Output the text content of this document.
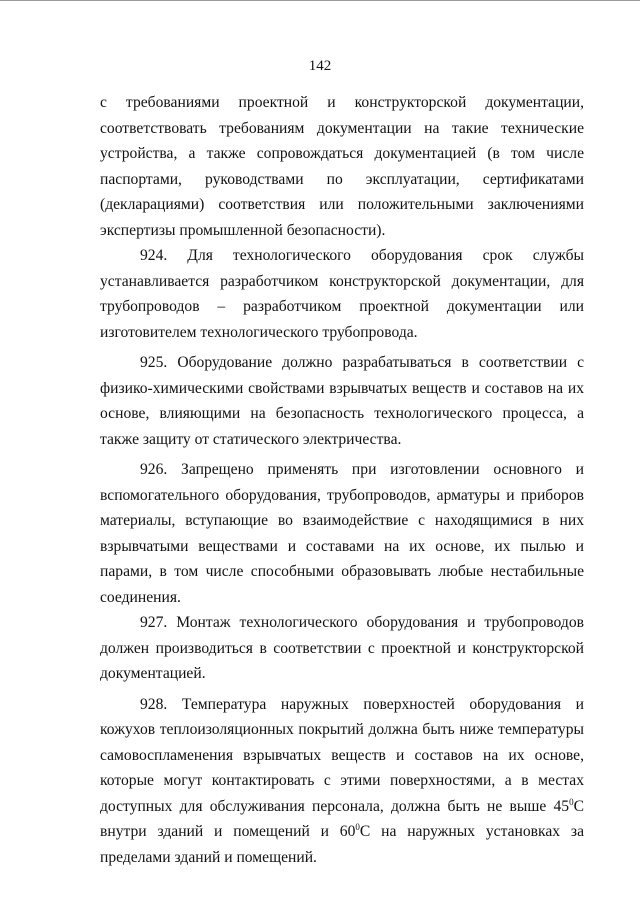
142

с требованиями проектной и конструкторской документации, соответствовать требованиям документации на такие технические устройства, а также сопровождаться документацией (в том числе паспортами, руководствами по эксплуатации, сертификатами (декларациями) соответствия или положительными заключениями экспертизы промышленной безопасности).

924. Для технологического оборудования срок службы устанавливается разработчиком конструкторской документации, для трубопроводов – разработчиком проектной документации или изготовителем технологического трубопровода.

925. Оборудование должно разрабатываться в соответствии с физико-химическими свойствами взрывчатых веществ и составов на их основе, влияющими на безопасность технологического процесса, а также защиту от статического электричества.

926. Запрещено применять при изготовлении основного и вспомогательного оборудования, трубопроводов, арматуры и приборов материалы, вступающие во взаимодействие с находящимися в них взрывчатыми веществами и составами на их основе, их пылью и парами, в том числе способными образовывать любые нестабильные соединения.

927. Монтаж технологического оборудования и трубопроводов должен производиться в соответствии с проектной и конструкторской документацией.

928. Температура наружных поверхностей оборудования и кожухов теплоизоляционных покрытий должна быть ниже температуры самовоспламенения взрывчатых веществ и составов на их основе, которые могут контактировать с этими поверхностями, а в местах доступных для обслуживания персонала, должна быть не выше $45^0С$ внутри зданий и помещений и $60^0С$ на наружных установках за пределами зданий и помещений.
